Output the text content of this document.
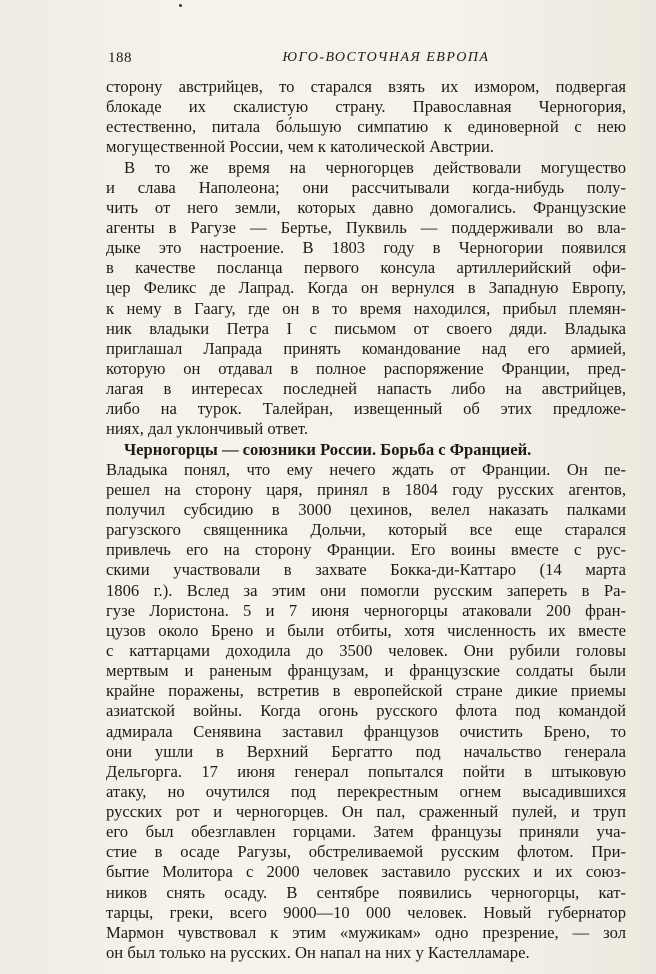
188	ЮГО-ВОСТОЧНАЯ ЕВРОПА
сторону австрийцев, то старался взять их измором, подвергая
блокаде их скалистую страну. Православная Черногория,
естественно, питала бо́льшую симпатию к единоверной с нею
могущественной России, чем к католической Австрии.
В то же время на черногорцев действовали могущество
и слава Наполеона; они рассчитывали когда-нибудь полу-
чить от него земли, которых давно домогались. Французские
агенты в Рагузе — Бертье, Пуквиль — поддерживали во вла-
дыке это настроение. В 1803 году в Черногории появился
в качестве посланца первого консула артиллерийский офи-
цер Феликс де Лапрад. Когда он вернулся в Западную Европу,
к нему в Гаагу, где он в то время находился, прибыл племян-
ник владыки Петра I с письмом от своего дяди. Владыка
приглашал Лапрада принять командование над его армией,
которую он отдавал в полное распоряжение Франции, пред-
лагая в интересах последней напасть либо на австрийцев,
либо на турок. Талейран, извещенный об этих предложе-
ниях, дал уклончивый ответ.
Черногорцы — союзники России. Борьба с Францией.
Владыка понял, что ему нечего ждать от Франции. Он пе-
решел на сторону царя, принял в 1804 году русских агентов,
получил субсидию в 3000 цехинов, велел наказать палками
рагузского священника Дольчи, который все еще старался
привлечь его на сторону Франции. Его воины вместе с рус-
скими участвовали в захвате Бокка-ди-Каттаро (14 марта
1806 г.). Вслед за этим они помогли русским запереть в Ра-
гузе Лористона. 5 и 7 июня черногорцы атаковали 200 фран-
цузов около Брено и были отбиты, хотя численность их вместе
с каттарцами доходила до 3500 человек. Они рубили головы
мертвым и раненым французам, и французские солдаты были
крайне поражены, встретив в европейской стране дикие приемы
азиатской войны. Когда огонь русского флота под командой
адмирала Сенявина заставил французов очистить Брено, то
они ушли в Верхний Бергатто под начальство генерала
Дельгорга. 17 июня генерал попытался пойти в штыковую
атаку, но очутился под перекрестным огнем высадившихся
русских рот и черногорцев. Он пал, сраженный пулей, и труп
его был обезглавлен горцами. Затем французы приняли уча-
стие в осаде Рагузы, обстреливаемой русским флотом. При-
бытие Молитора с 2000 человек заставило русских и их союз-
ников снять осаду. В сентябре появились черногорцы, кат-
тарцы, греки, всего 9000—10 000 человек. Новый губернатор
Мармон чувствовал к этим «мужикам» одно презрение, — зол
он был только на русских. Он напал на них у Кастелламаре.
